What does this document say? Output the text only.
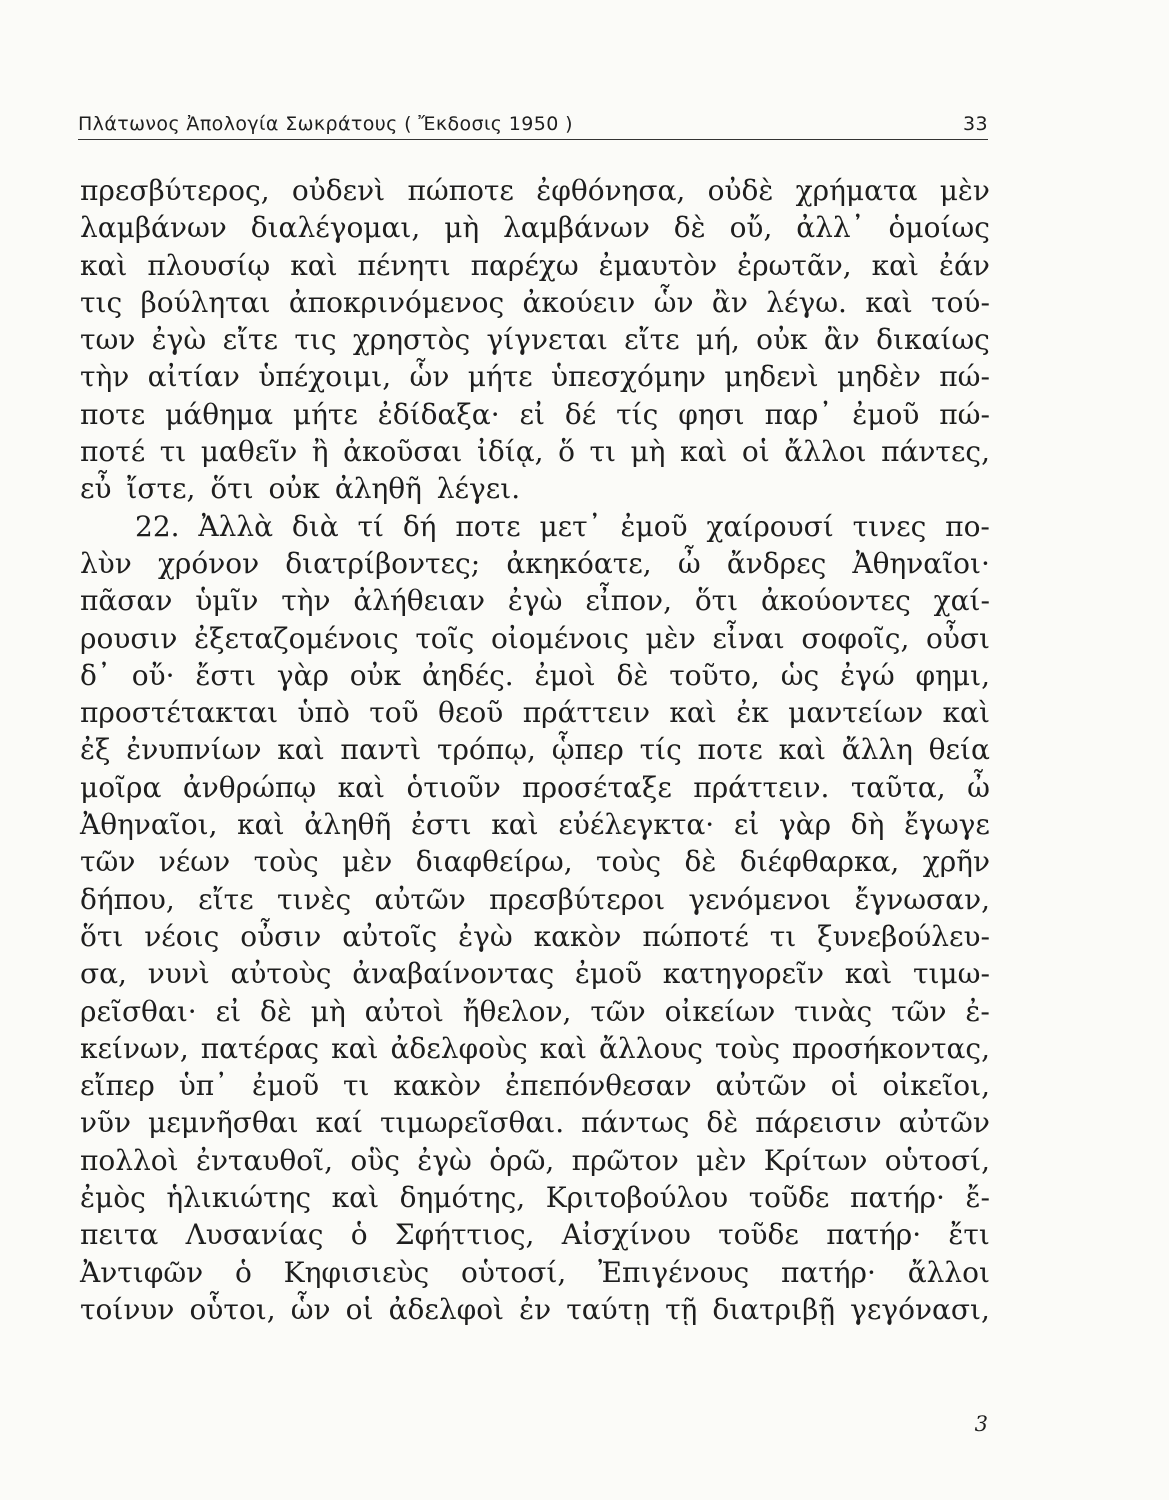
Πλάτωνος Ἀπολογία Σωκράτους ( Ἔκδοσις 1950 )	33
πρεσβύτερος, οὐδενὶ πώποτε ἐφθόνησα, οὐδὲ χρήματα μὲν
λαμβάνων διαλέγομαι, μὴ λαμβάνων δὲ οὔ, ἀλλ᾽ ὁμοίως
καὶ πλουσίῳ καὶ πένητι παρέχω ἐμαυτὸν ἐρωτᾶν, καὶ ἐάν
τις βούληται ἀποκρινόμενος ἀκούειν ὧν ἂν λέγω. καὶ τού-
των ἐγὼ εἴτε τις χρηστὸς γίγνεται εἴτε μή, οὐκ ἂν δικαίως
τὴν αἰτίαν ὑπέχοιμι, ὧν μήτε ὑπεσχόμην μηδενὶ μηδὲν πώ-
ποτε μάθημα μήτε ἐδίδαξα· εἰ δέ τίς φησι παρ᾽ ἐμοῦ πώ-
ποτέ τι μαθεῖν ἢ ἀκοῦσαι ἰδίᾳ, ὅ τι μὴ καὶ οἱ ἄλλοι πάντες,
εὖ ἴστε, ὅτι οὐκ ἀληθῆ λέγει.
22. Ἀλλὰ διὰ τί δή ποτε μετ᾽ ἐμοῦ χαίρουσί τινες πο-
λὺν χρόνον διατρίβοντες; ἀκηκόατε, ὦ ἄνδρες Ἀθηναῖοι·
πᾶσαν ὑμῖν τὴν ἀλήθειαν ἐγὼ εἶπον, ὅτι ἀκούοντες χαί-
ρουσιν ἐξεταζομένοις τοῖς οἰομένοις μὲν εἶναι σοφοῖς, οὖσι
δ᾽ οὔ· ἔστι γὰρ οὐκ ἀηδές. ἐμοὶ δὲ τοῦτο, ὡς ἐγώ φημι,
προστέτακται ὑπὸ τοῦ θεοῦ πράττειν καὶ ἐκ μαντείων καὶ
ἐξ ἐνυπνίων καὶ παντὶ τρόπῳ, ᾧπερ τίς ποτε καὶ ἄλλη θεία
μοῖρα ἀνθρώπῳ καὶ ὁτιοῦν προσέταξε πράττειν. ταῦτα, ὦ
Ἀθηναῖοι, καὶ ἀληθῆ ἐστι καὶ εὐέλεγκτα· εἰ γὰρ δὴ ἔγωγε
τῶν νέων τοὺς μὲν διαφθείρω, τοὺς δὲ διέφθαρκα, χρῆν
δήπου, εἴτε τινὲς αὐτῶν πρεσβύτεροι γενόμενοι ἔγνωσαν,
ὅτι νέοις οὖσιν αὐτοῖς ἐγὼ κακὸν πώποτέ τι ξυνεβούλευ-
σα, νυνὶ αὐτοὺς ἀναβαίνοντας ἐμοῦ κατηγορεῖν καὶ τιμω-
ρεῖσθαι· εἰ δὲ μὴ αὐτοὶ ἤθελον, τῶν οἰκείων τινὰς τῶν ἐ-
κείνων, πατέρας καὶ ἀδελφοὺς καὶ ἄλλους τοὺς προσήκοντας,
εἴπερ ὑπ᾽ ἐμοῦ τι κακὸν ἐπεπόνθεσαν αὐτῶν οἱ οἰκεῖοι,
νῦν μεμνῆσθαι καί τιμωρεῖσθαι. πάντως δὲ πάρεισιν αὐτῶν
πολλοὶ ἐνταυθοῖ, οὓς ἐγὼ ὁρῶ, πρῶτον μὲν Κρίτων οὑτοσί,
ἐμὸς ἡλικιώτης καὶ δημότης, Κριτοβούλου τοῦδε πατήρ· ἔ-
πειτα Λυσανίας ὁ Σφήττιος, Αἰσχίνου τοῦδε πατήρ· ἔτι
Ἀντιφῶν ὁ Κηφισιεὺς οὑτοσί, Ἐπιγένους πατήρ· ἄλλοι
τοίνυν οὗτοι, ὧν οἱ ἀδελφοὶ ἐν ταύτῃ τῇ διατριβῇ γεγόνασι,
3
